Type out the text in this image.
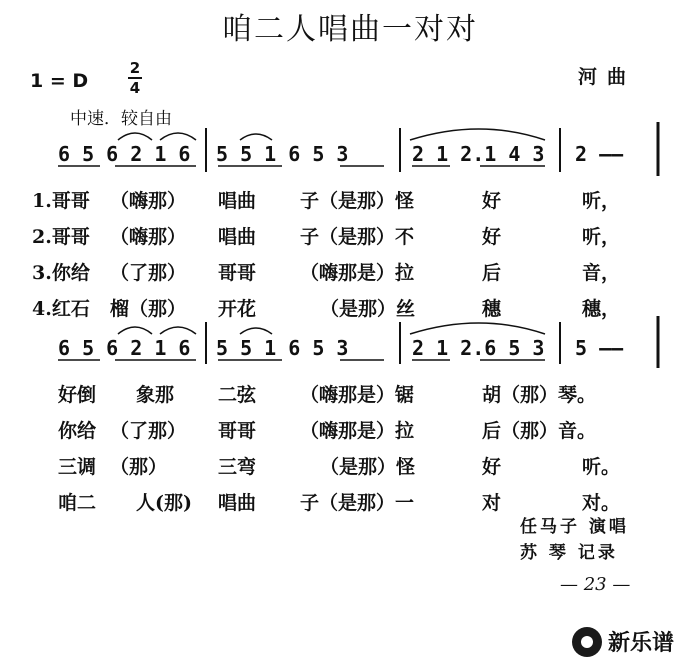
咱二人唱曲一对对
1 = D
2
4	河曲
中速．较自由
6 5 6 2 1 6 5 5 1 6 5 3	2 1 2.1 4 3 2 ——
1.哥哥 （嗨那） 唱曲 子（是那）怪	好	听，
2.哥哥 （嗨那） 唱曲 子（是那）不	好	听，
3.你给 （了那） 哥哥 （嗨那是）拉	后	音，
4.红石 榴（那） 开花	（是那）丝	穗	穗，
6 5 6 2 1 6 5 5 1 6 5 3	2 1 2.6 5 3 5 ——
好倒 象那 二弦 （嗨那是）锯	胡（那）琴。
你给 （了那） 哥哥 （嗨那是）拉	后（那）音。
三调 （那）	三弯	（是那）怪	好	听。
咱二 人(那) 唱曲 子（是那）一	对	对。
任马子 演唱
苏 琴 记录
— 23 —
新乐谱
